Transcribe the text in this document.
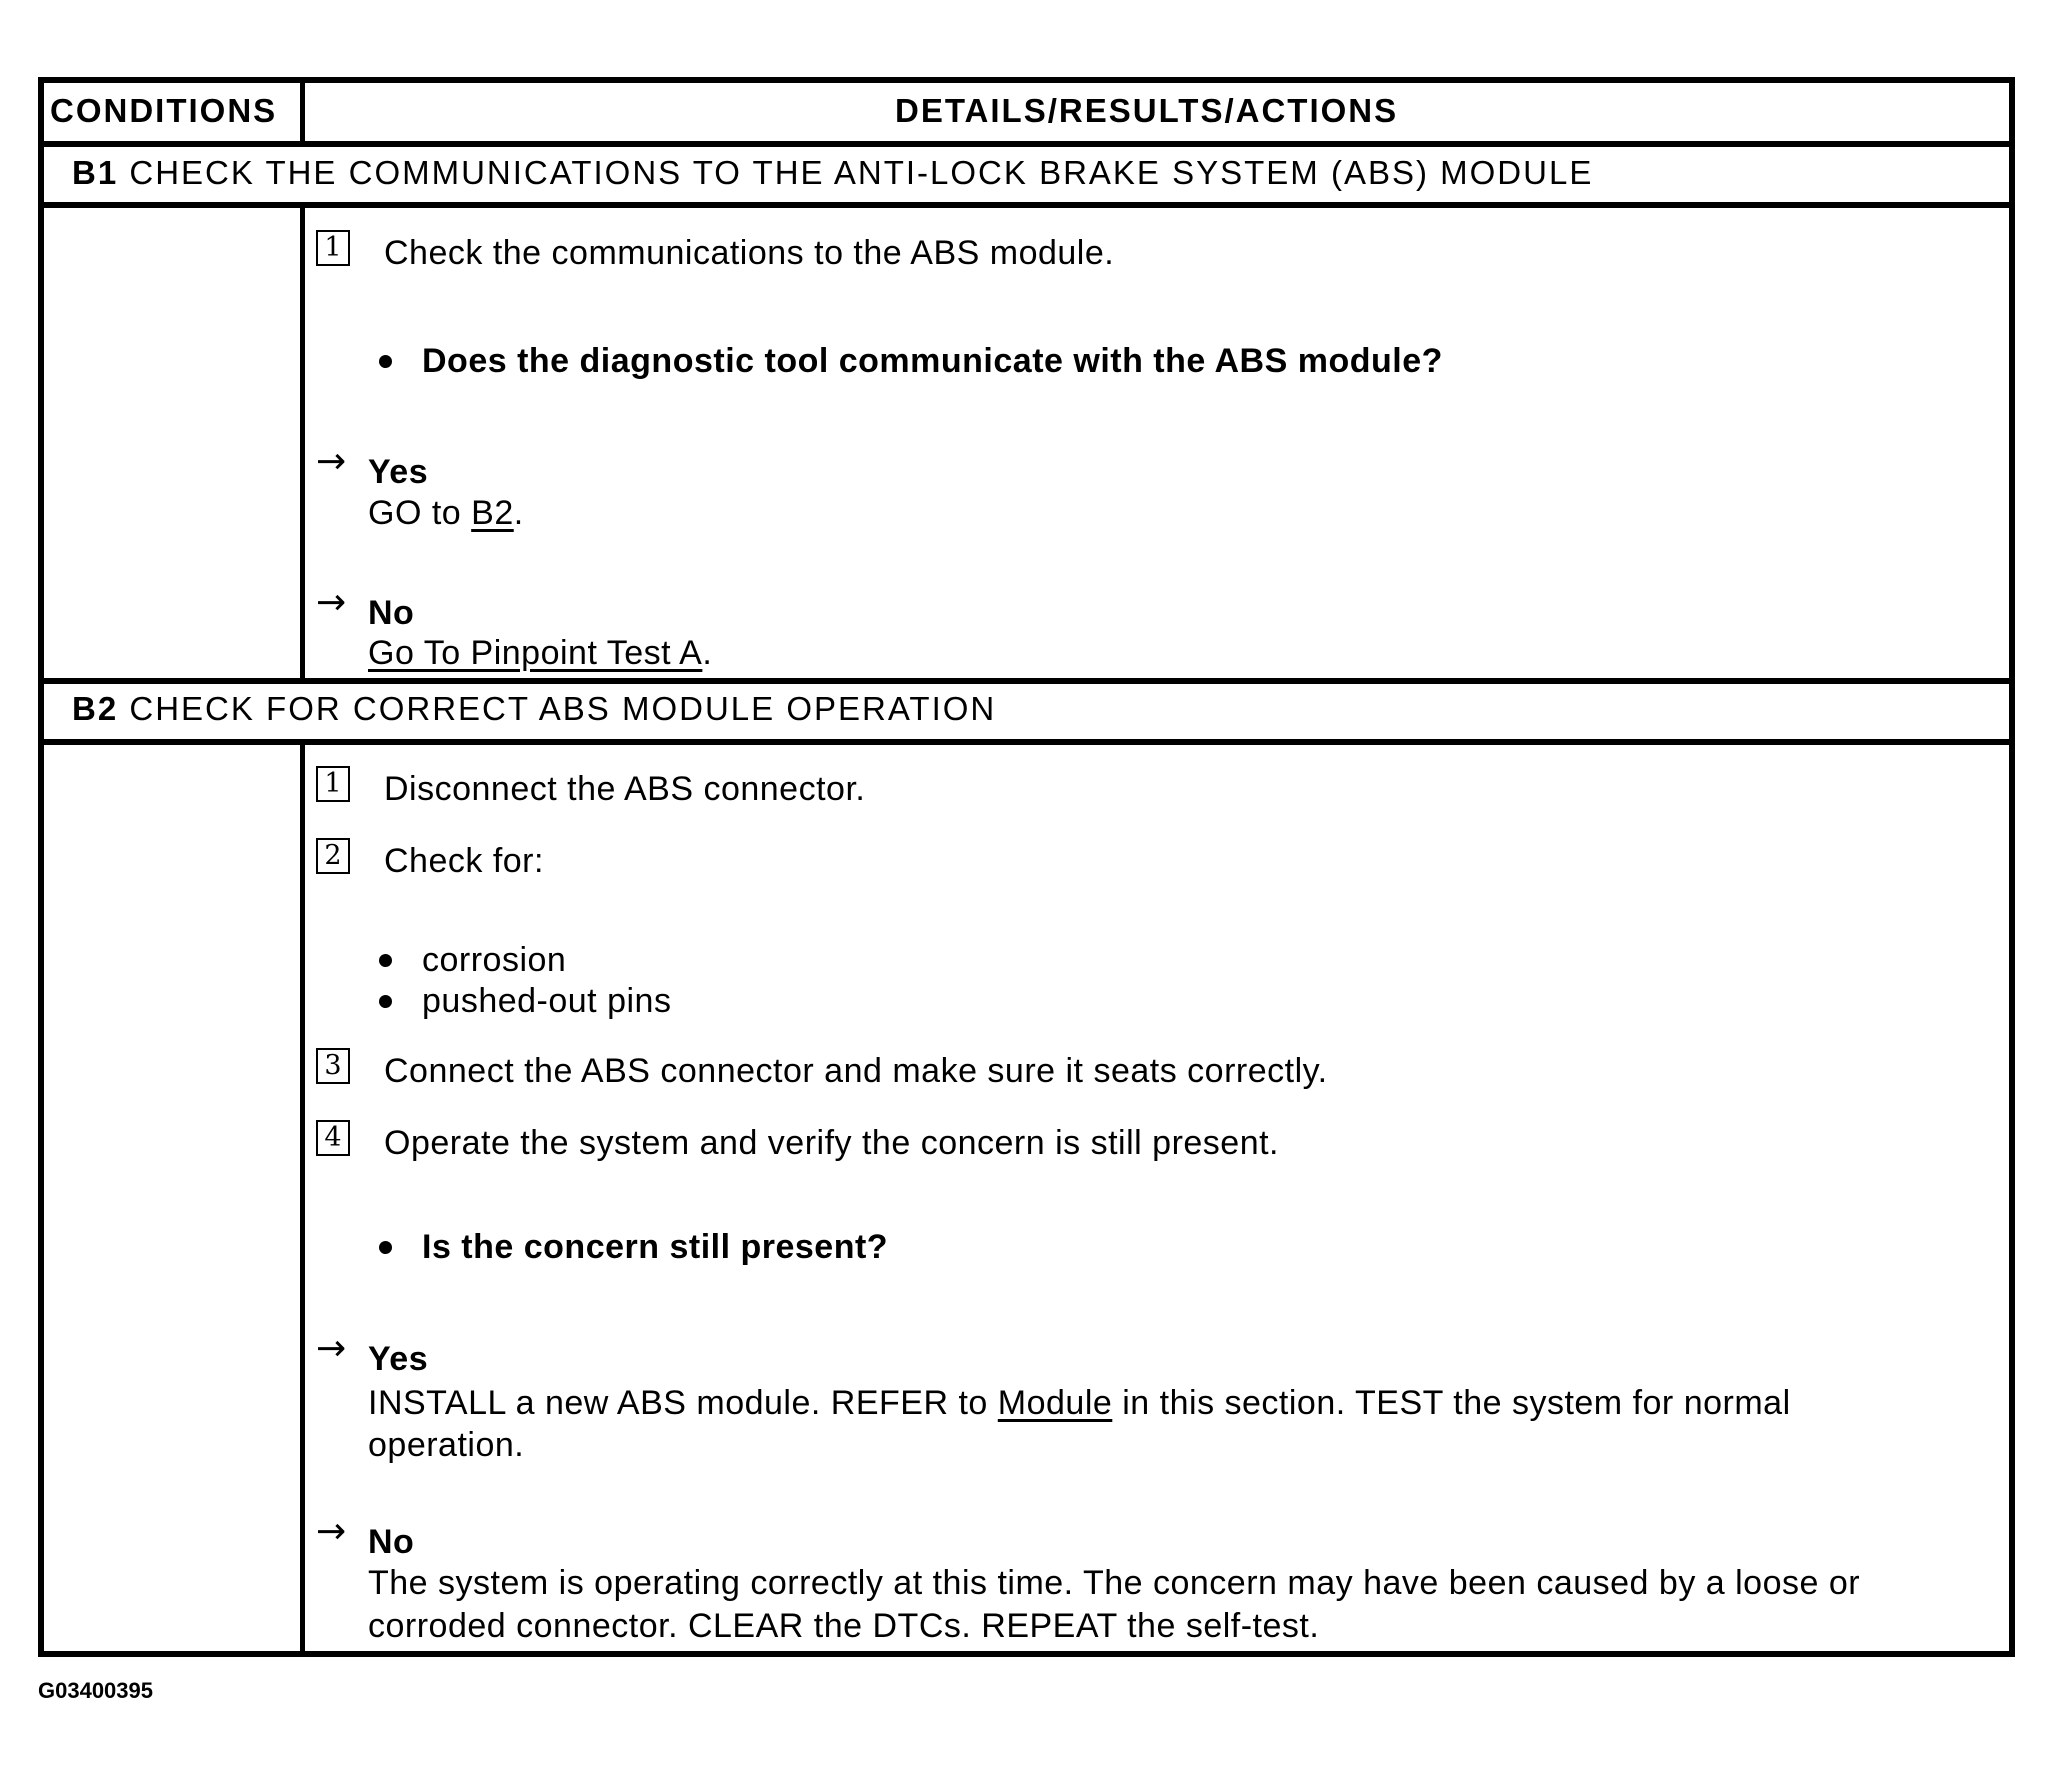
CONDITIONS	DETAILS/RESULTS/ACTIONS
B1 CHECK THE COMMUNICATIONS TO THE ANTI-LOCK BRAKE SYSTEM (ABS) MODULE
1 Check the communications to the ABS module.
Does the diagnostic tool communicate with the ABS module?
→ Yes
GO to B2.
→ No
Go To Pinpoint Test A.
B2 CHECK FOR CORRECT ABS MODULE OPERATION
1 Disconnect the ABS connector.
2 Check for:
corrosion
pushed-out pins
3 Connect the ABS connector and make sure it seats correctly.
4 Operate the system and verify the concern is still present.
Is the concern still present?
→ Yes
INSTALL a new ABS module. REFER to Module in this section. TEST the system for normal
operation.
→ No
The system is operating correctly at this time. The concern may have been caused by a loose or
corroded connector. CLEAR the DTCs. REPEAT the self-test.
G03400395
